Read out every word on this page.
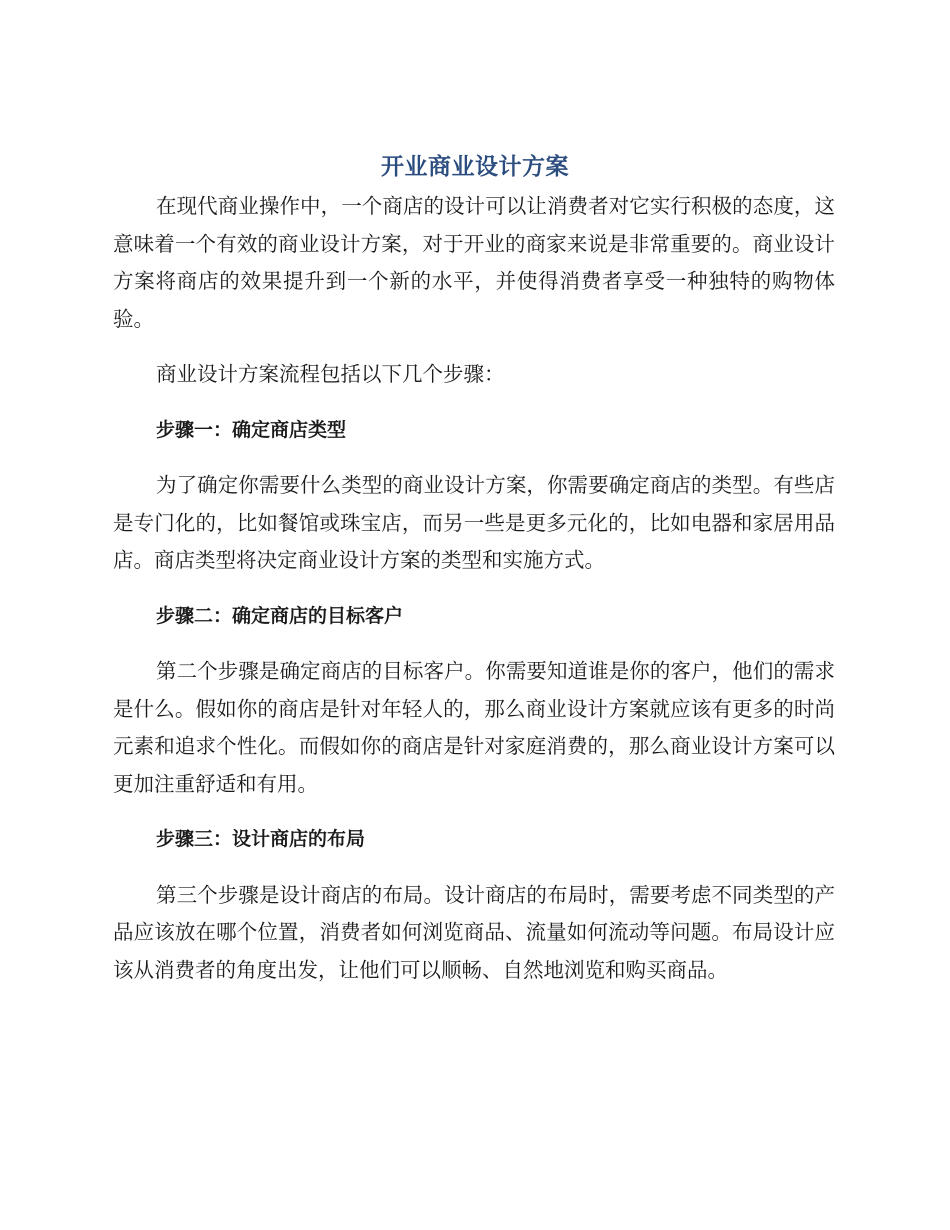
开业商业设计方案

在现代商业操作中，一个商店的设计可以让消费者对它实行积极的态度，这意味着一个有效的商业设计方案，对于开业的商家来说是非常重要的。商业设计方案将商店的效果提升到一个新的水平，并使得消费者享受一种独特的购物体验。

商业设计方案流程包括以下几个步骤：

步骤一：确定商店类型

为了确定你需要什么类型的商业设计方案，你需要确定商店的类型。有些店是专门化的，比如餐馆或珠宝店，而另一些是更多元化的，比如电器和家居用品店。商店类型将决定商业设计方案的类型和实施方式。

步骤二：确定商店的目标客户

第二个步骤是确定商店的目标客户。你需要知道谁是你的客户，他们的需求是什么。假如你的商店是针对年轻人的，那么商业设计方案就应该有更多的时尚元素和追求个性化。而假如你的商店是针对家庭消费的，那么商业设计方案可以更加注重舒适和有用。

步骤三：设计商店的布局

第三个步骤是设计商店的布局。设计商店的布局时，需要考虑不同类型的产品应该放在哪个位置，消费者如何浏览商品、流量如何流动等问题。布局设计应该从消费者的角度出发，让他们可以顺畅、自然地浏览和购买商品。
